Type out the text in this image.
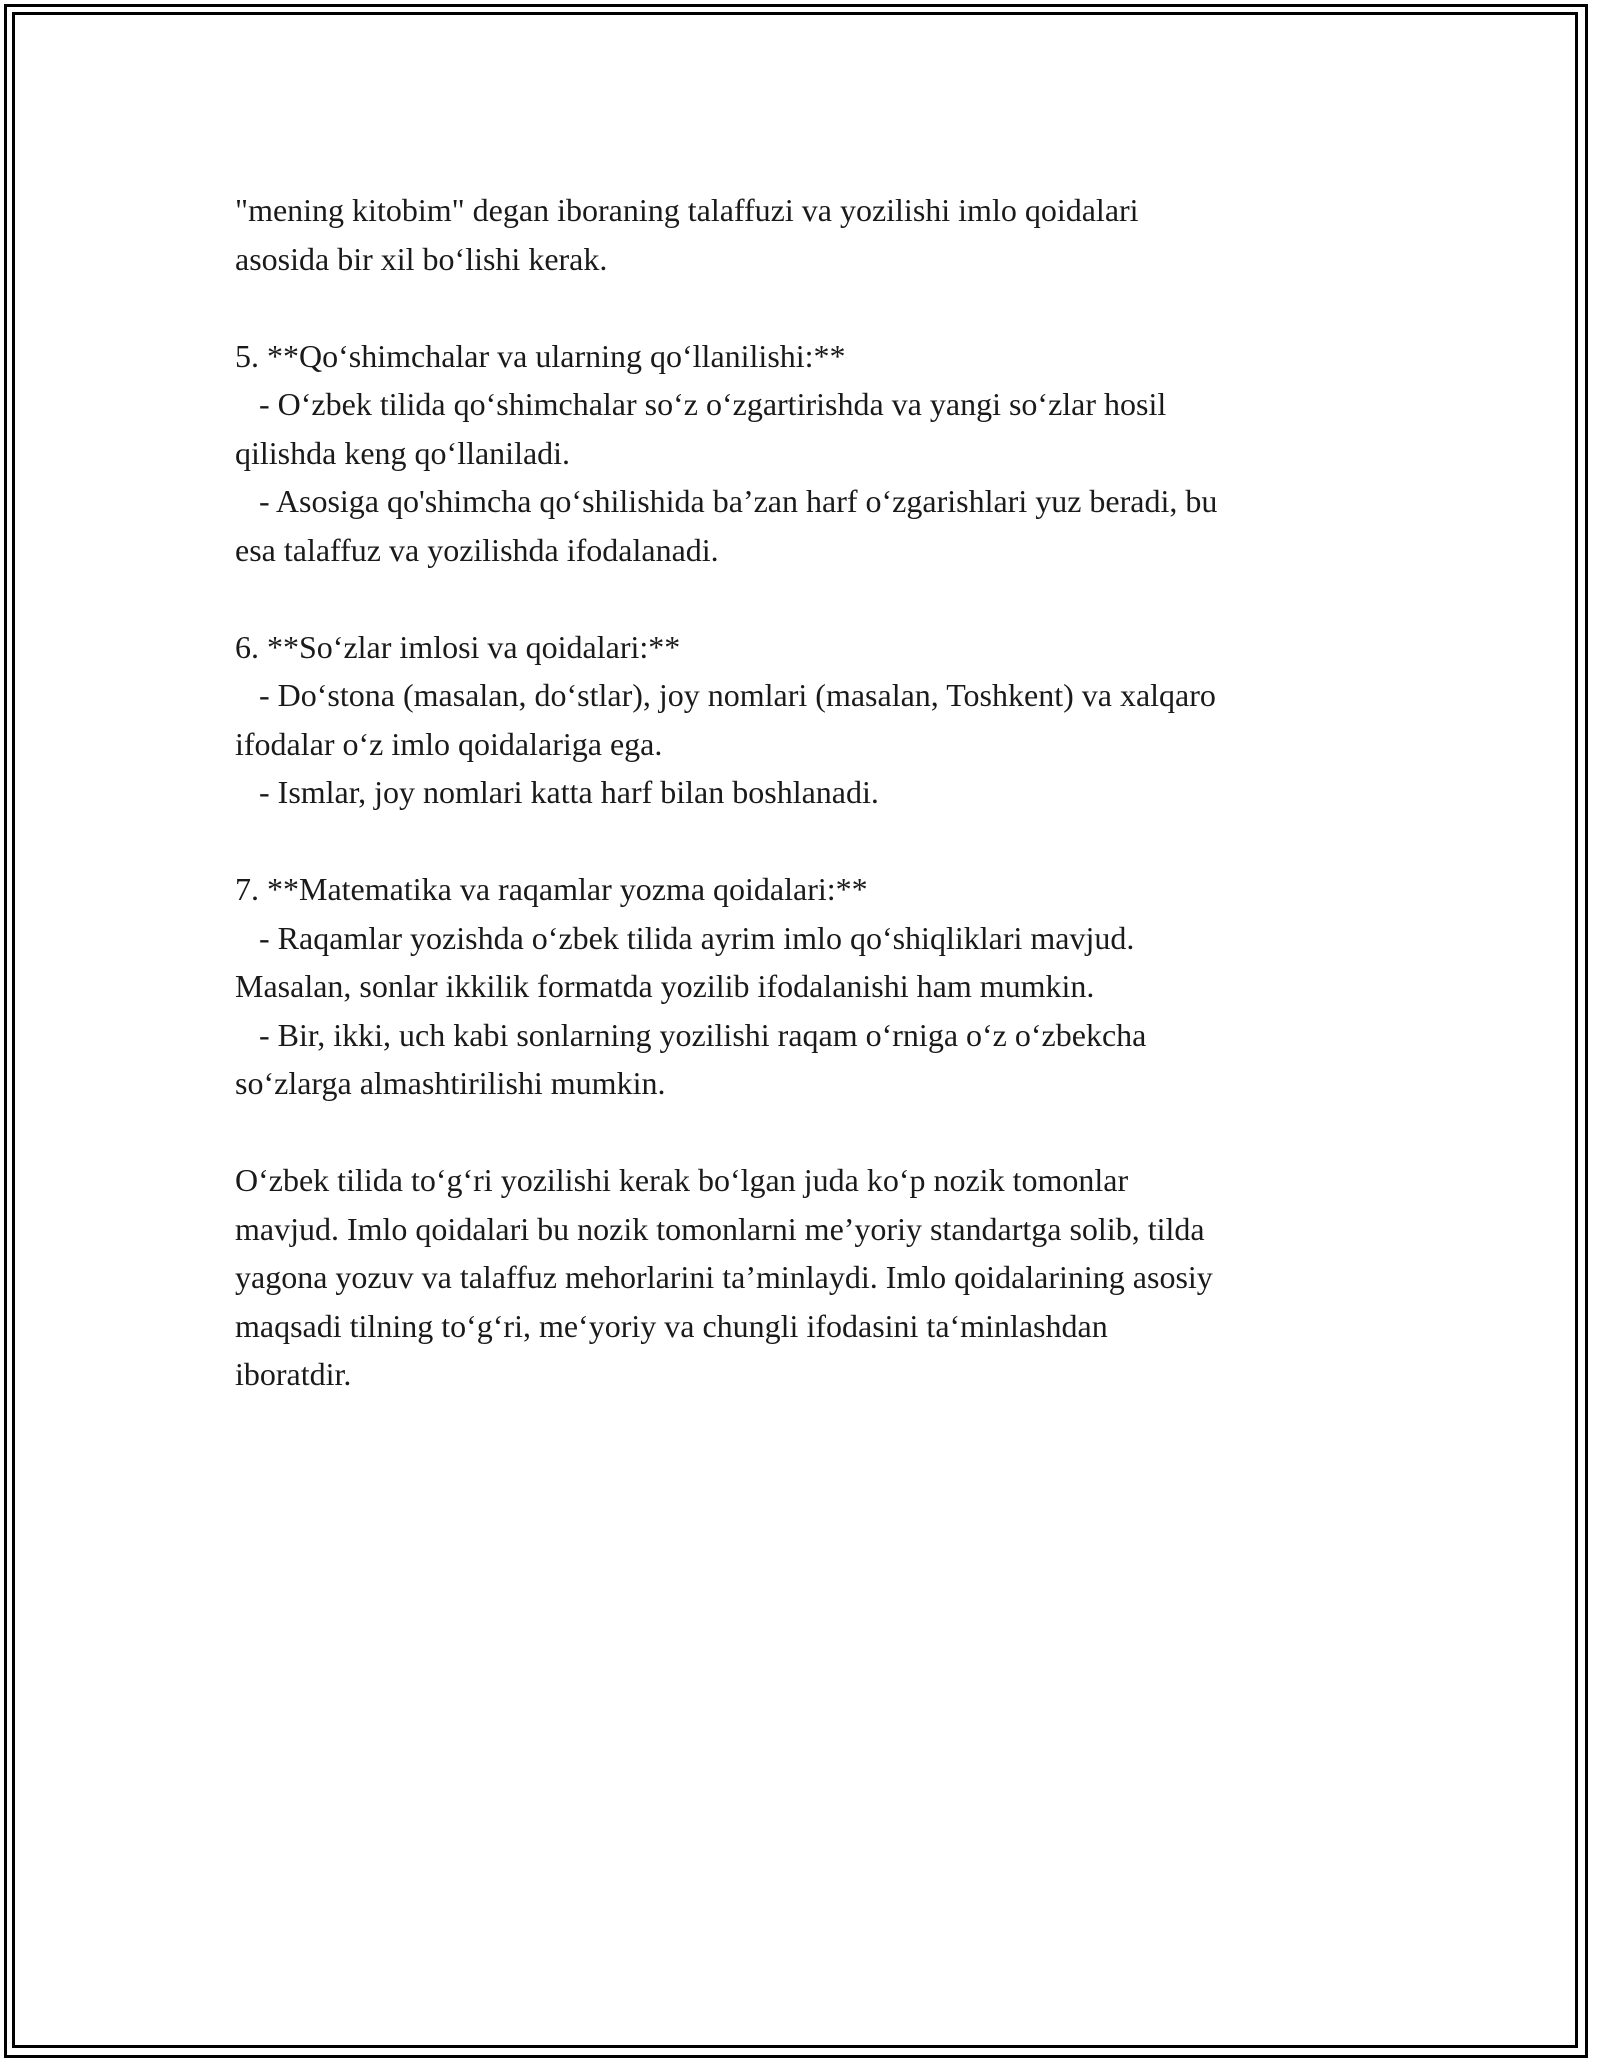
"mening kitobim" degan iboraning talaffuzi va yozilishi imlo qoidalari
asosida bir xil bo‘lishi kerak.
5. **Qo‘shimchalar va ularning qo‘llanilishi:**
- O‘zbek tilida qo‘shimchalar so‘z o‘zgartirishda va yangi so‘zlar hosil
qilishda keng qo‘llaniladi.
- Asosiga qo'shimcha qo‘shilishida ba’zan harf o‘zgarishlari yuz beradi, bu
esa talaffuz va yozilishda ifodalanadi.
6. **So‘zlar imlosi va qoidalari:**
- Do‘stona (masalan, do‘stlar), joy nomlari (masalan, Toshkent) va xalqaro
ifodalar o‘z imlo qoidalariga ega.
- Ismlar, joy nomlari katta harf bilan boshlanadi.
7. **Matematika va raqamlar yozma qoidalari:**
- Raqamlar yozishda o‘zbek tilida ayrim imlo qo‘shiqliklari mavjud.
Masalan, sonlar ikkilik formatda yozilib ifodalanishi ham mumkin.
- Bir, ikki, uch kabi sonlarning yozilishi raqam o‘rniga o‘z o‘zbekcha
so‘zlarga almashtirilishi mumkin.
O‘zbek tilida to‘g‘ri yozilishi kerak bo‘lgan juda ko‘p nozik tomonlar
mavjud. Imlo qoidalari bu nozik tomonlarni me’yoriy standartga solib, tilda
yagona yozuv va talaffuz mehorlarini ta’minlaydi. Imlo qoidalarining asosiy
maqsadi tilning to‘g‘ri, me‘yoriy va chungli ifodasini ta‘minlashdan
iboratdir.
